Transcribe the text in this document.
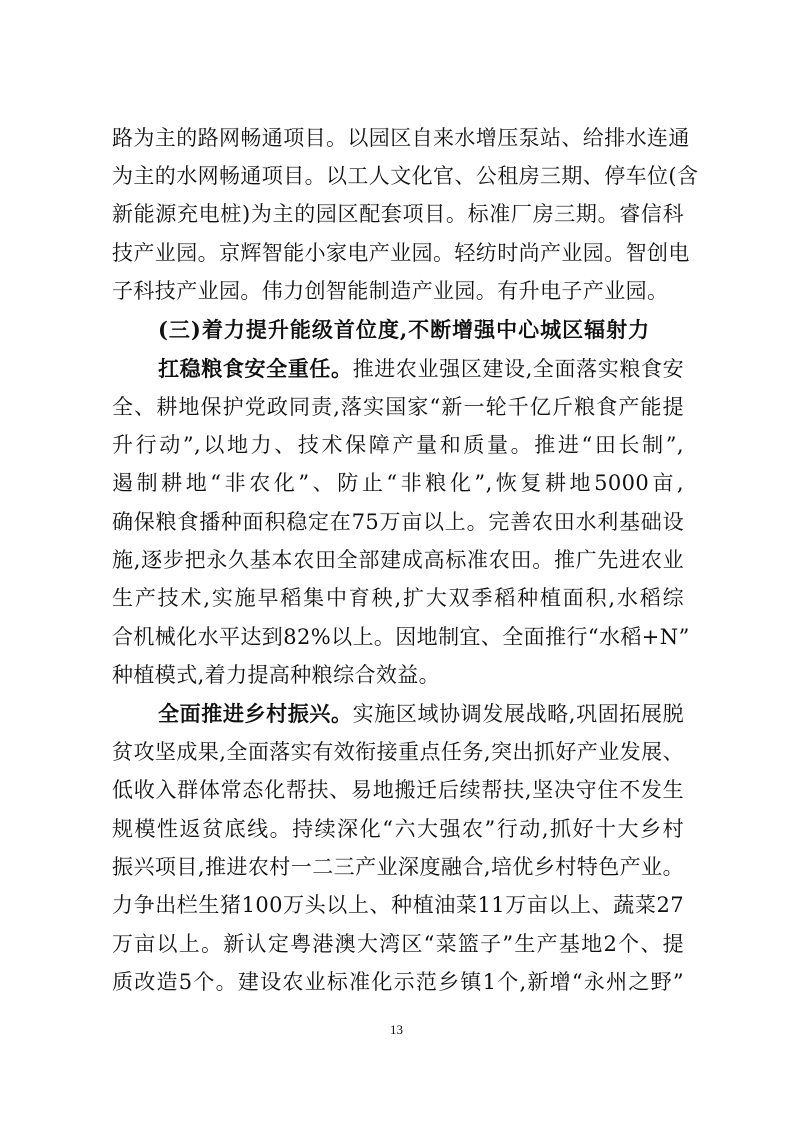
路为主的路网畅通项目。以园区自来水增压泵站、给排水连通
为主的水网畅通项目。以工人文化官、公租房三期、停车位(含
新能源充电桩)为主的园区配套项目。标准厂房三期。睿信科
技产业园。京辉智能小家电产业园。轻纺时尚产业园。智创电
子科技产业园。伟力创智能制造产业园。有升电子产业园。
(三)着力提升能级首位度,不断增强中心城区辐射力
扛稳粮食安全重任。推进农业强区建设,全面落实粮食安
全、耕地保护党政同责,落实国家“新一轮千亿斤粮食产能提
升行动”,以地力、技术保障产量和质量。推进“田长制”,
遏制耕地“非农化”、防止“非粮化”,恢复耕地5000亩,
确保粮食播种面积稳定在75万亩以上。完善农田水利基础设
施,逐步把永久基本农田全部建成高标准农田。推广先进农业
生产技术,实施早稻集中育秧,扩大双季稻种植面积,水稻综
合机械化水平达到82%以上。因地制宜、全面推行“水稻+N”
种植模式,着力提高种粮综合效益。
全面推进乡村振兴。实施区域协调发展战略,巩固拓展脱
贫攻坚成果,全面落实有效衔接重点任务,突出抓好产业发展、
低收入群体常态化帮扶、易地搬迁后续帮扶,坚决守住不发生
规模性返贫底线。持续深化“六大强农”行动,抓好十大乡村
振兴项目,推进农村一二三产业深度融合,培优乡村特色产业。
力争出栏生猪100万头以上、种植油菜11万亩以上、蔬菜27
万亩以上。新认定粤港澳大湾区“菜篮子”生产基地2个、提
质改造5个。建设农业标准化示范乡镇1个,新增“永州之野”
13
